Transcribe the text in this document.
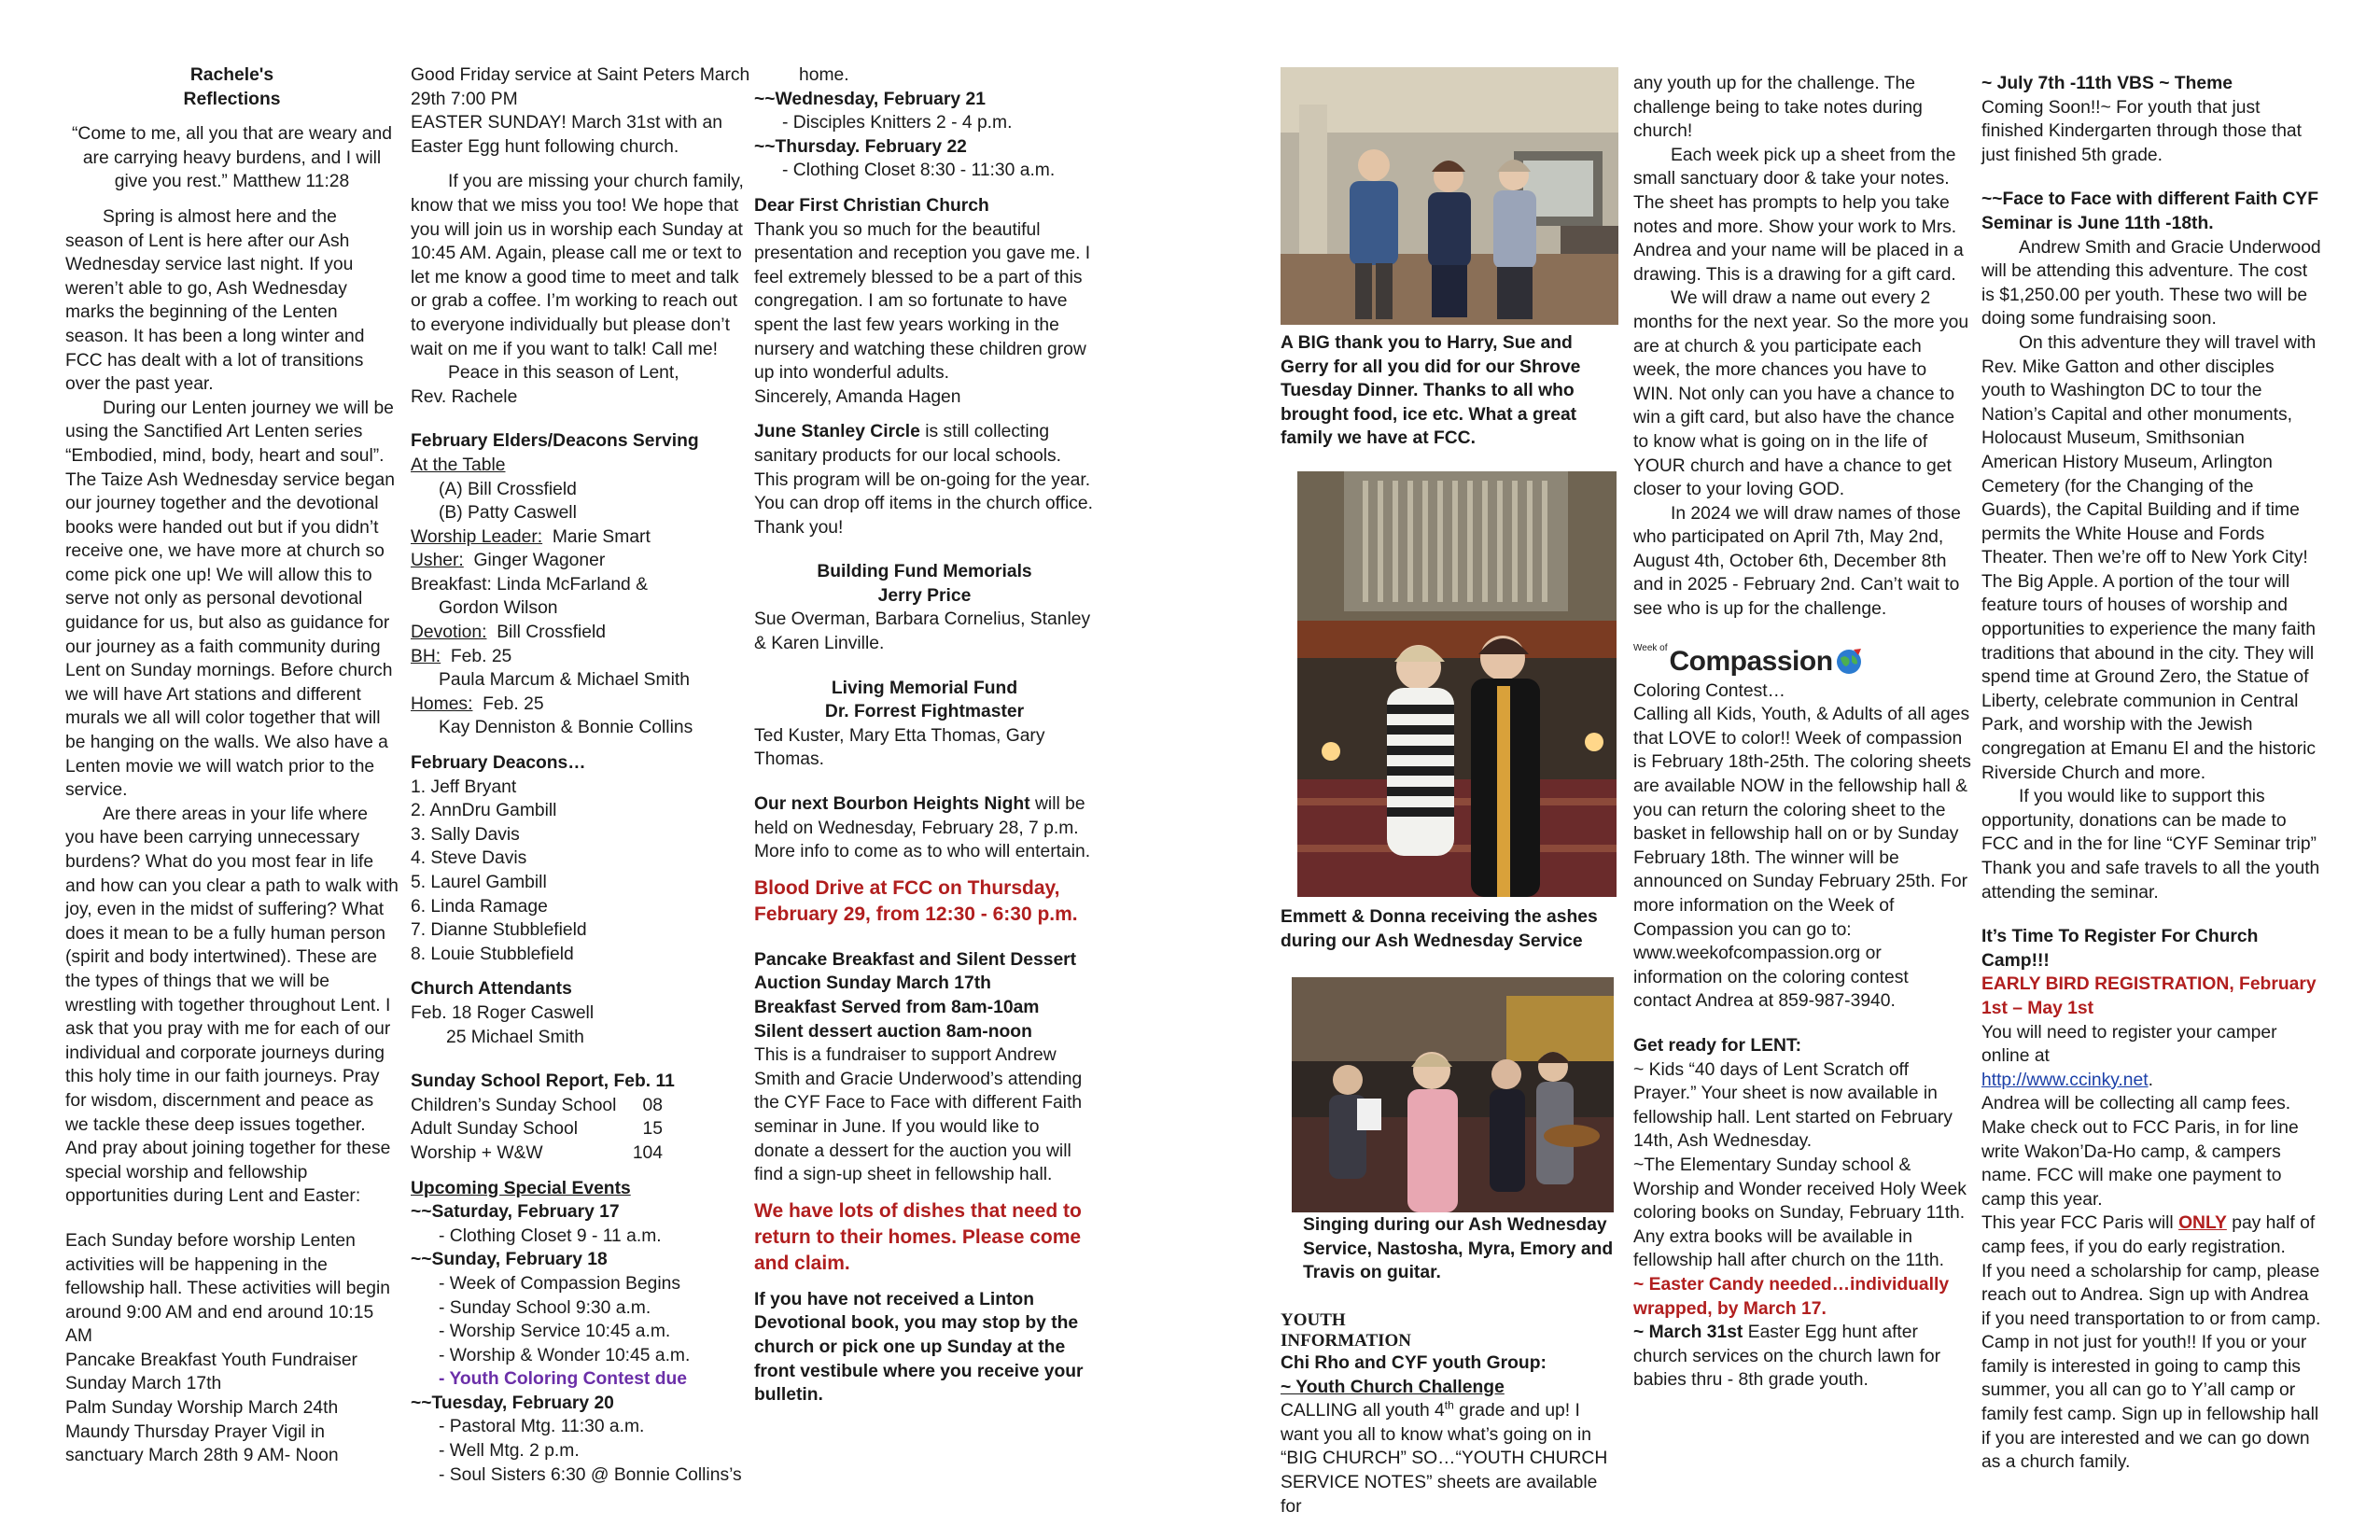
Rachele's

Reflections

“Come to me, all you that are weary and are carrying heavy burdens, and I will give you rest.” Matthew 11:28

Spring is almost here and the season of Lent is here after our Ash Wednesday service last night. If you weren’t able to go, Ash Wednesday marks the beginning of the Lenten season. It has been a long winter and FCC has dealt with a lot of transitions over the past year.

During our Lenten journey we will be using the Sanctified Art Lenten series “Embodied, mind, body, heart and soul”. The Taize Ash Wednesday service began our journey together and the devotional books were handed out but if you didn’t receive one, we have more at church so come pick one up! We will allow this to serve not only as personal devotional guidance for us, but also as guidance for our journey as a faith community during Lent on Sunday mornings. Before church we will have Art stations and different murals we all will color together that will be hanging on the walls. We also have a Lenten movie we will watch prior to the service.

Are there areas in your life where you have been carrying unnecessary burdens? What do you most fear in life and how can you clear a path to walk with joy, even in the midst of suffering? What does it mean to be a fully human person (spirit and body intertwined). These are the types of things that we will be wrestling with together throughout Lent. I ask that you pray with me for each of our individual and corporate journeys during this holy time in our faith journeys. Pray for wisdom, discernment and peace as we tackle these deep issues together. And pray about joining together for these special worship and fellowship opportunities during Lent and Easter:

Each Sunday before worship Lenten activities will be happening in the fellowship hall. These activities will begin around 9:00 AM and end around 10:15 AM

Pancake Breakfast Youth Fundraiser Sunday March 17th

Palm Sunday Worship March 24th

Maundy Thursday Prayer Vigil in sanctuary March 28th 9 AM- Noon

Good Friday service at Saint Peters March 29th 7:00 PM

EASTER SUNDAY! March 31st with an Easter Egg hunt following church.

If you are missing your church family, know that we miss you too! We hope that you will join us in worship each Sunday at 10:45 AM. Again, please call me or text to let me know a good time to meet and talk or grab a coffee. I’m working to reach out to everyone individually but please don’t wait on me if you want to talk! Call me!

Peace in this season of Lent,

Rev. Rachele

February Elders/Deacons Serving

At the Table

(A) Bill Crossfield

(B) Patty Caswell

Worship Leader: Marie Smart

Usher: Ginger Wagoner

Breakfast: Linda McFarland &

Gordon Wilson

Devotion: Bill Crossfield

BH: Feb. 25

Paula Marcum & Michael Smith

Homes: Feb. 25

Kay Denniston & Bonnie Collins

February Deacons…

1. Jeff Bryant

2. AnnDru Gambill

3. Sally Davis

4. Steve Davis

5. Laurel Gambill

6. Linda Ramage

7. Dianne Stubblefield

8. Louie Stubblefield

Church Attendants

Feb. 18 Roger Caswell

25 Michael Smith

Sunday School Report, Feb. 11

Children’s Sunday School 08
Adult Sunday School	15
Worship + W&W	104

Upcoming Special Events

~~Saturday, February 17

- Clothing Closet 9 - 11 a.m.

~~Sunday, February 18

- Week of Compassion Begins

- Sunday School 9:30 a.m.

- Worship Service 10:45 a.m.

- Worship & Wonder 10:45 a.m.

- Youth Coloring Contest due

~~Tuesday, February 20

- Pastoral Mtg. 11:30 a.m.

- Well Mtg. 2 p.m.

- Soul Sisters 6:30 @ Bonnie Collins’s

home.

~~Wednesday, February 21

- Disciples Knitters 2 - 4 p.m.

~~Thursday. February 22

- Clothing Closet 8:30 - 11:30 a.m.

Dear First Christian Church

Thank you so much for the beautiful presentation and reception you gave me. I feel extremely blessed to be a part of this congregation. I am so fortunate to have spent the last few years working in the nursery and watching these children grow up into wonderful adults.

Sincerely, Amanda Hagen

June Stanley Circle is still collecting sanitary products for our local schools. This program will be on-going for the year. You can drop off items in the church office. Thank you!

Building Fund Memorials

Jerry Price

Sue Overman, Barbara Cornelius, Stanley & Karen Linville.

Living Memorial Fund

Dr. Forrest Fightmaster

Ted Kuster, Mary Etta Thomas, Gary Thomas.

Our next Bourbon Heights Night will be held on Wednesday, February 28, 7 p.m. More info to come as to who will entertain.

Blood Drive at FCC on Thursday, February 29, from 12:30 - 6:30 p.m.

Pancake Breakfast and Silent Dessert Auction Sunday March 17th

Breakfast Served from 8am-10am

Silent dessert auction 8am-noon

This is a fundraiser to support Andrew Smith and Gracie Underwood’s attending the CYF Face to Face with different Faith seminar in June. If you would like to donate a dessert for the auction you will find a sign-up sheet in fellowship hall.

We have lots of dishes that need to return to their homes. Please come and claim.

If you have not received a Linton Devotional book, you may stop by the church or pick one up Sunday at the front vestibule where you receive your bulletin.

A BIG thank you to Harry, Sue and Gerry for all you did for our Shrove Tuesday Dinner. Thanks to all who brought food, ice etc. What a great family we have at FCC.

Emmett & Donna receiving the ashes during our Ash Wednesday Service

Singing during our Ash Wednesday Service, Nastosha, Myra, Emory and Travis on guitar.

YOUTH

INFORMATION

Chi Rho and CYF youth Group:

~ Youth Church Challenge

CALLING all youth 4th grade and up! I want you all to know what’s going on in “BIG CHURCH” SO…“YOUTH CHURCH SERVICE NOTES” sheets are available for

any youth up for the challenge. The challenge being to take notes during church!

Each week pick up a sheet from the small sanctuary door & take your notes. The sheet has prompts to help you take notes and more. Show your work to Mrs. Andrea and your name will be placed in a drawing. This is a drawing for a gift card.

We will draw a name out every 2 months for the next year. So the more you are at church & you participate each week, the more chances you have to WIN. Not only can you have a chance to win a gift card, but also have the chance to know what is going on in the life of YOUR church and have a chance to get closer to your loving GOD.

In 2024 we will draw names of those who participated on April 7th, May 2nd, August 4th, October 6th, December 8th and in 2025 - February 2nd. Can’t wait to see who is up for the challenge.

Week of Compassion

Coloring Contest…

Calling all Kids, Youth, & Adults of all ages that LOVE to color!! Week of compassion is February 18th-25th. The coloring sheets are available NOW in the fellowship hall & you can return the coloring sheet to the basket in fellowship hall on or by Sunday February 18th. The winner will be announced on Sunday February 25th. For more information on the Week of Compassion you can go to: www.weekofcompassion.org or information on the coloring contest contact Andrea at 859-987-3940.

Get ready for LENT:

~ Kids “40 days of Lent Scratch off Prayer.” Your sheet is now available in fellowship hall. Lent started on February 14th, Ash Wednesday.

~The Elementary Sunday school & Worship and Wonder received Holy Week coloring books on Sunday, February 11th. Any extra books will be available in fellowship hall after church on the 11th.

~ Easter Candy needed…individually wrapped, by March 17.

~ March 31st Easter Egg hunt after church services on the church lawn for babies thru - 8th grade youth.

~ July 7th -11th VBS ~ Theme

Coming Soon!!~ For youth that just finished Kindergarten through those that just finished 5th grade.

~~Face to Face with different Faith CYF Seminar is June 11th -18th.

Andrew Smith and Gracie Underwood will be attending this adventure. The cost is $1,250.00 per youth. These two will be doing some fundraising soon.

On this adventure they will travel with Rev. Mike Gatton and other disciples youth to Washington DC to tour the Nation’s Capital and other monuments, Holocaust Museum, Smithsonian American History Museum, Arlington Cemetery (for the Changing of the Guards), the Capital Building and if time permits the White House and Fords Theater. Then we’re off to New York City! The Big Apple. A portion of the tour will feature tours of houses of worship and opportunities to experience the many faith traditions that abound in the city. They will spend time at Ground Zero, the Statue of Liberty, celebrate communion in Central Park, and worship with the Jewish congregation at Emanu El and the historic Riverside Church and more.

If you would like to support this opportunity, donations can be made to FCC and in the for line “CYF Seminar trip” Thank you and safe travels to all the youth attending the seminar.

It’s Time To Register For Church Camp!!!

EARLY BIRD REGISTRATION, February 1st – May 1st

You will need to register your camper online at

http://www.ccinky.net.

Andrea will be collecting all camp fees. Make check out to FCC Paris, in for line write Wakon’Da-Ho camp, & campers name. FCC will make one payment to camp this year.

This year FCC Paris will ONLY pay half of camp fees, if you do early registration.

If you need a scholarship for camp, please reach out to Andrea. Sign up with Andrea if you need transportation to or from camp. Camp in not just for youth!! If you or your family is interested in going to camp this summer, you all can go to Y’all camp or family fest camp. Sign up in fellowship hall if you are interested and we can go down as a church family.
